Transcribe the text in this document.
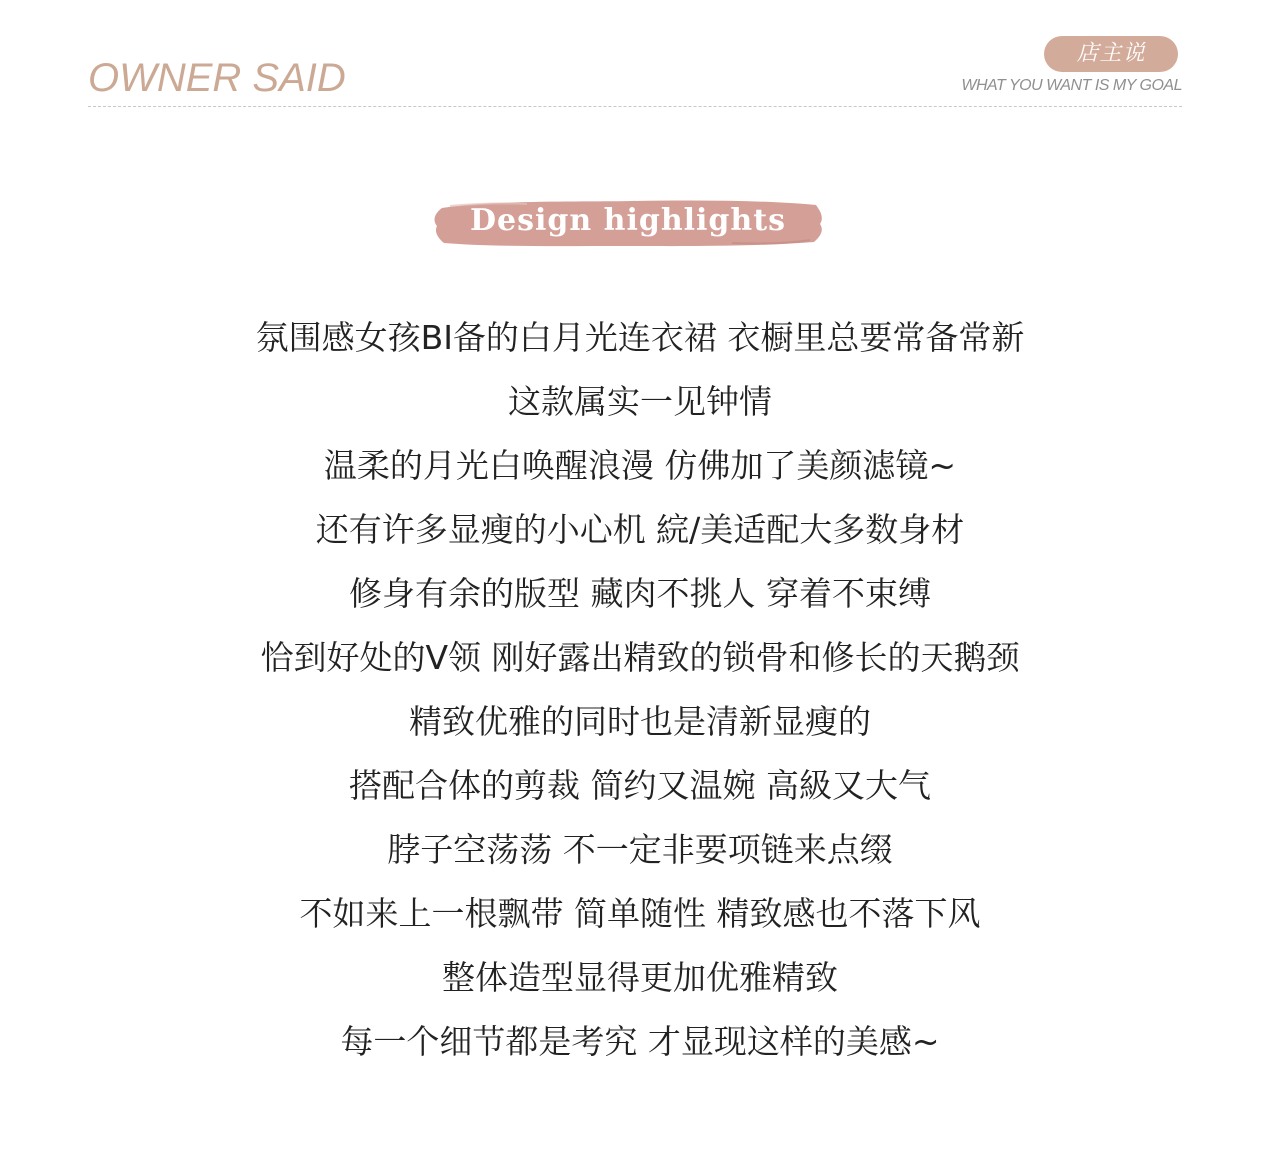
OWNER SAID
店主说
WHAT YOU WANT IS MY GOAL
Design highlights
氛围感女孩BI备的白月光连衣裙 衣橱里总要常备常新
这款属实一见钟情
温柔的月光白唤醒浪漫 仿佛加了美颜滤镜~
还有许多显瘦的小心机 綄/美适配大多数身材
修身有余的版型 藏肉不挑人 穿着不束缚
恰到好处的V领 刚好露出精致的锁骨和修长的天鹅颈
精致优雅的同时也是清新显瘦的
搭配合体的剪裁 简约又温婉 高級又大气
脖子空荡荡 不一定非要项链来点缀
不如来上一根飘带 简单随性 精致感也不落下风
整体造型显得更加优雅精致
每一个细节都是考究 才显现这样的美感~
